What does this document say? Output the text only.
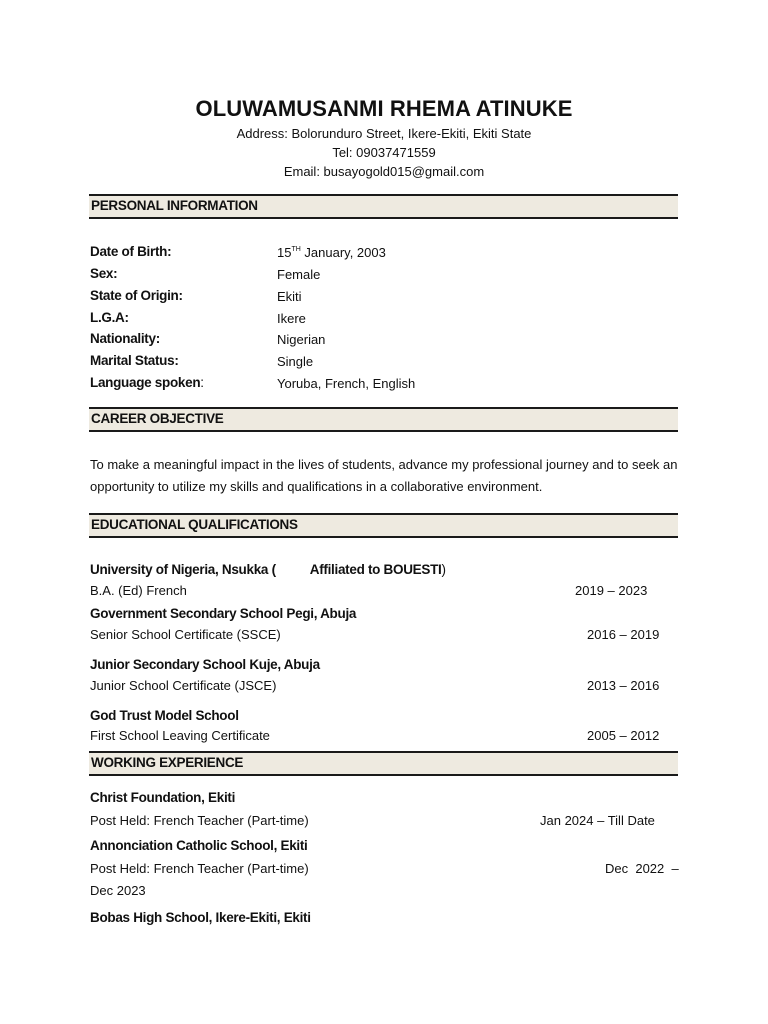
OLUWAMUSANMI RHEMA ATINUKE
Address: Bolorunduro Street, Ikere-Ekiti, Ekiti State
Tel: 09037471559
Email: busayogold015@gmail.com
PERSONAL INFORMATION
Date of Birth:	15TH January, 2003
Sex:	Female
State of Origin:	Ekiti
L.G.A:	Ikere
Nationality:	Nigerian
Marital Status:	Single
Language spoken:	Yoruba, French, English
CAREER OBJECTIVE
To make a meaningful impact in the lives of students, advance my professional journey and to seek an opportunity to utilize my skills and qualifications in a collaborative environment.
EDUCATIONAL QUALIFICATIONS
University of Nigeria, Nsukka (	Affiliated to BOUESTI)
B.A. (Ed) French	2019 – 2023
Government Secondary School Pegi, Abuja
Senior School Certificate (SSCE)	2016 – 2019
Junior Secondary School Kuje, Abuja
Junior School Certificate (JSCE)	2013 – 2016
God Trust Model School
First School Leaving Certificate	2005 – 2012
WORKING EXPERIENCE
Christ Foundation, Ekiti
Post Held: French Teacher (Part-time)	Jan 2024 – Till Date
Annonciation Catholic School, Ekiti
Post Held: French Teacher (Part-time)	Dec  2022  –
Dec 2023
Bobas High School, Ikere-Ekiti, Ekiti
